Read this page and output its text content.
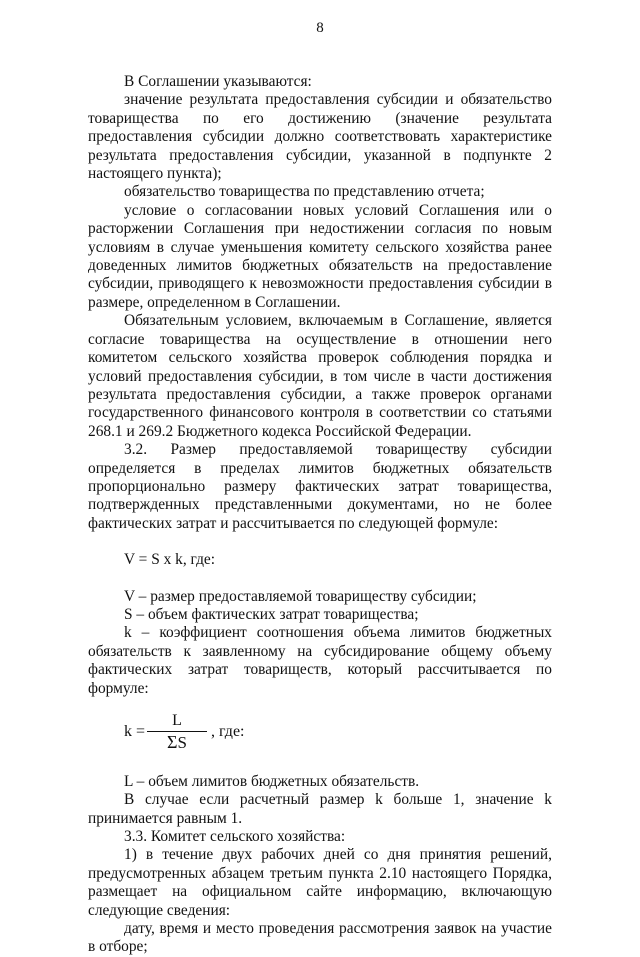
8

В Соглашении указываются:

значение результата предоставления субсидии и обязательство товарищества по его достижению (значение результата предоставления субсидии должно соответствовать характеристике результата предоставления субсидии, указанной в подпункте 2 настоящего пункта);

обязательство товарищества по представлению отчета;

условие о согласовании новых условий Соглашения или о расторжении Соглашения при недостижении согласия по новым условиям в случае уменьшения комитету сельского хозяйства ранее доведенных лимитов бюджетных обязательств на предоставление субсидии, приводящего к невозможности предоставления субсидии в размере, определенном в Соглашении.

Обязательным условием, включаемым в Соглашение, является согласие товарищества на осуществление в отношении него комитетом сельского хозяйства проверок соблюдения порядка и условий предоставления субсидии, в том числе в части достижения результата предоставления субсидии, а также проверок органами государственного финансового контроля в соответствии со статьями 268.1 и 269.2 Бюджетного кодекса Российской Федерации.

3.2. Размер предоставляемой товариществу субсидии определяется в пределах лимитов бюджетных обязательств пропорционально размеру фактических затрат товарищества, подтвержденных представленными документами, но не более фактических затрат и рассчитывается по следующей формуле:

V = S x k, где:

V – размер предоставляемой товариществу субсидии;

S – объем фактических затрат товарищества;

k – коэффициент соотношения объема лимитов бюджетных обязательств к заявленному на субсидирование общему объему фактических затрат товариществ, который рассчитывается по формуле:

$k = \frac{L}{\Sigma S}$ , где:

L – объем лимитов бюджетных обязательств.

В случае если расчетный размер k больше 1, значение k принимается равным 1.

3.3. Комитет сельского хозяйства:

1) в течение двух рабочих дней со дня принятия решений, предусмотренных абзацем третьим пункта 2.10 настоящего Порядка, размещает на официальном сайте информацию, включающую следующие сведения:

дату, время и место проведения рассмотрения заявок на участие в отборе;
